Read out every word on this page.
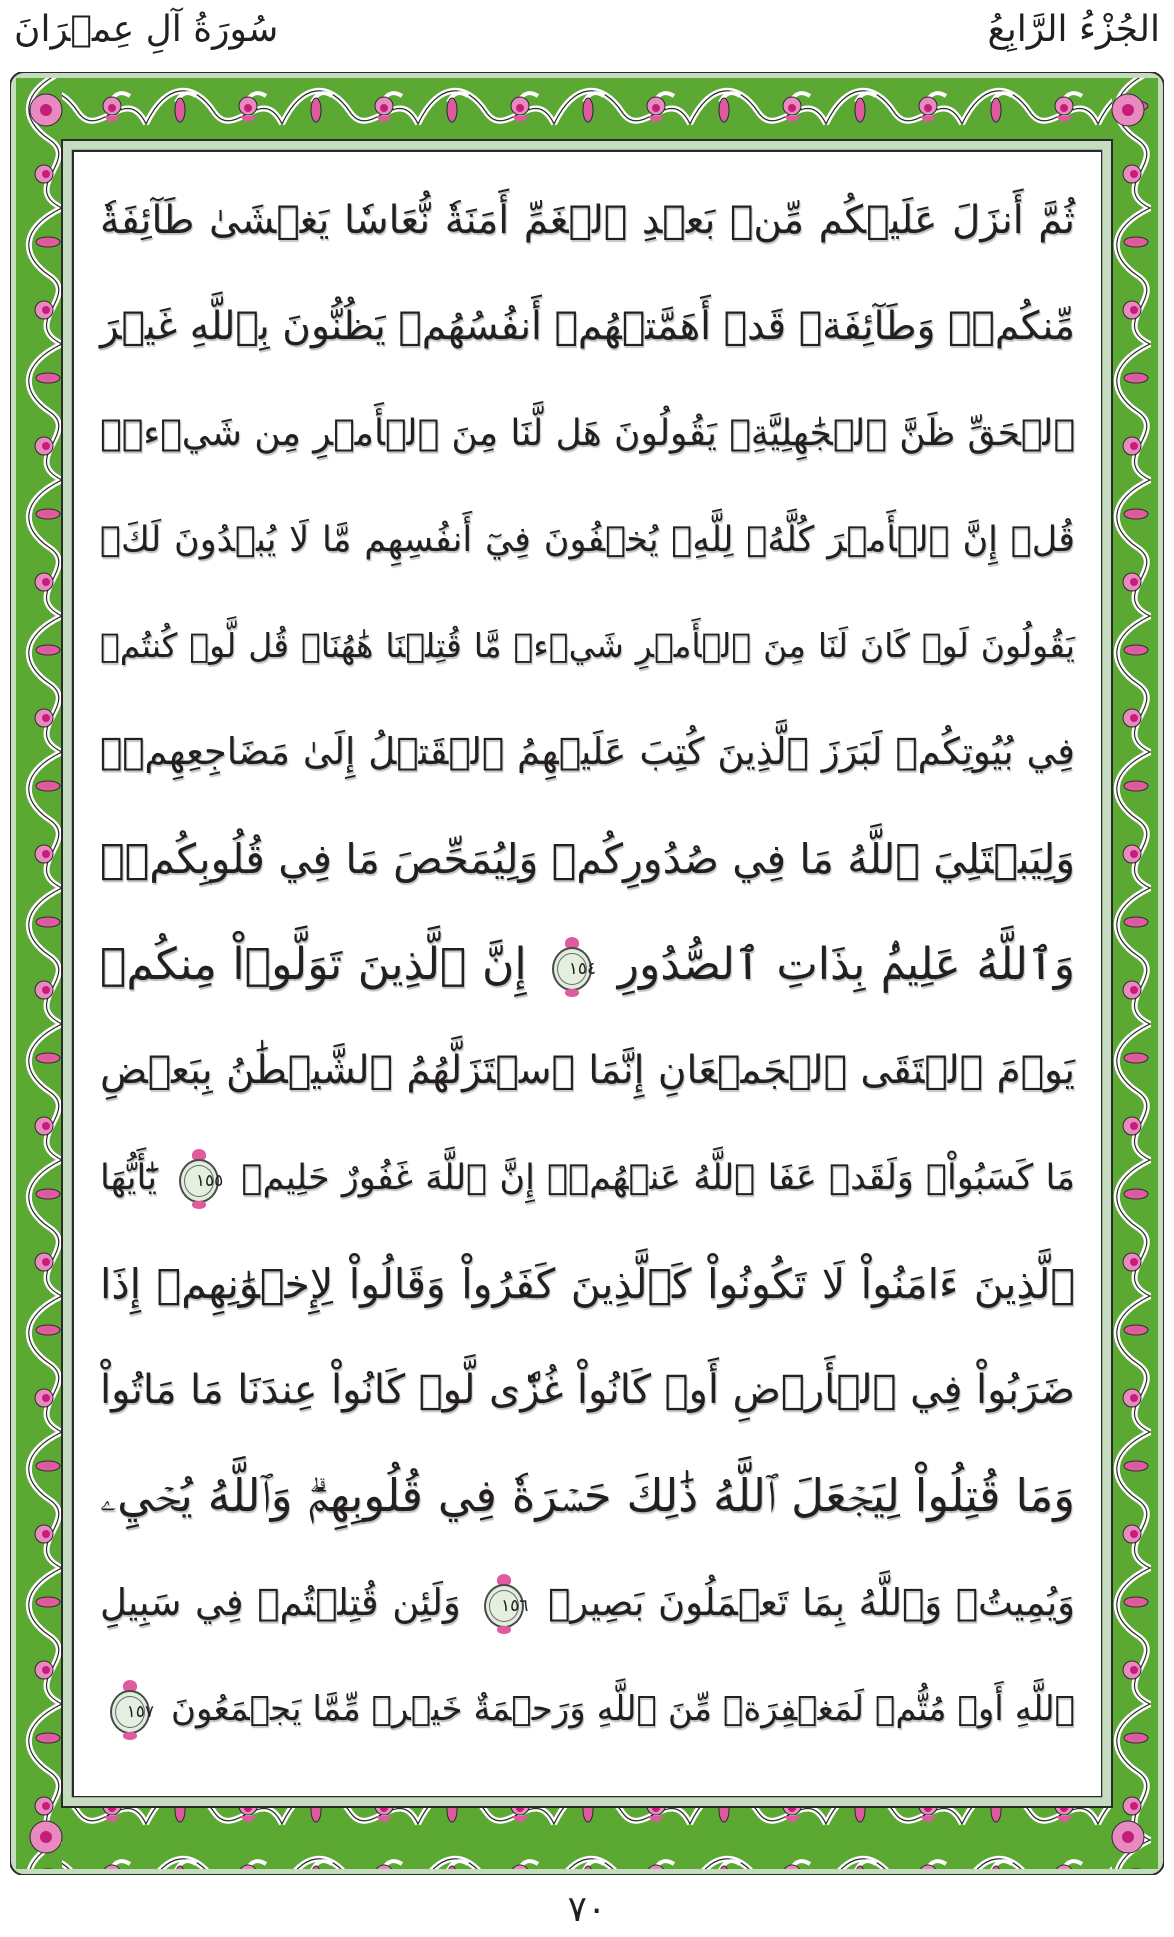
الجُزْءُ الرَّابِعُ
سُورَةُ آلِ عِمۡرَانَ
ثُمَّ أَنزَلَ عَلَيۡكُم مِّنۢ بَعۡدِ ٱلۡغَمِّ أَمَنَةٗ نُّعَاسٗا يَغۡشَىٰ طَآئِفَةٗ
مِّنكُمۡۖ وَطَآئِفَةٞ قَدۡ أَهَمَّتۡهُمۡ أَنفُسُهُمۡ يَظُنُّونَ بِٱللَّهِ غَيۡرَ
ٱلۡحَقِّ ظَنَّ ٱلۡجَٰهِلِيَّةِۖ يَقُولُونَ هَل لَّنَا مِنَ ٱلۡأَمۡرِ مِن شَيۡءٖۗ
قُلۡ إِنَّ ٱلۡأَمۡرَ كُلَّهُۥ لِلَّهِۗ يُخۡفُونَ فِيٓ أَنفُسِهِم مَّا لَا يُبۡدُونَ لَكَۖ
يَقُولُونَ لَوۡ كَانَ لَنَا مِنَ ٱلۡأَمۡرِ شَيۡءٞ مَّا قُتِلۡنَا هَٰهُنَاۗ قُل لَّوۡ كُنتُمۡ
فِي بُيُوتِكُمۡ لَبَرَزَ ٱلَّذِينَ كُتِبَ عَلَيۡهِمُ ٱلۡقَتۡلُ إِلَىٰ مَضَاجِعِهِمۡۖ
وَلِيَبۡتَلِيَ ٱللَّهُ مَا فِي صُدُورِكُمۡ وَلِيُمَحِّصَ مَا فِي قُلُوبِكُمۡۚ
وَٱللَّهُ عَلِيمُۢ بِذَاتِ ٱلصُّدُورِ
١٥٤
إِنَّ ٱلَّذِينَ تَوَلَّوۡاْ مِنكُمۡ
يَوۡمَ ٱلۡتَقَى ٱلۡجَمۡعَانِ إِنَّمَا ٱسۡتَزَلَّهُمُ ٱلشَّيۡطَٰنُ بِبَعۡضِ
مَا كَسَبُواْۖ وَلَقَدۡ عَفَا ٱللَّهُ عَنۡهُمۡۗ إِنَّ ٱللَّهَ غَفُورٌ حَلِيمٞ
١٥٥
يَٰٓأَيُّهَا
ٱلَّذِينَ ءَامَنُواْ لَا تَكُونُواْ كَٱلَّذِينَ كَفَرُواْ وَقَالُواْ لِإِخۡوَٰنِهِمۡ إِذَا
ضَرَبُواْ فِي ٱلۡأَرۡضِ أَوۡ كَانُواْ غُزّٗى لَّوۡ كَانُواْ عِندَنَا مَا مَاتُواْ
وَمَا قُتِلُواْ لِيَجۡعَلَ ٱللَّهُ ذَٰلِكَ حَسۡرَةٗ فِي قُلُوبِهِمۡۗ وَٱللَّهُ يُحۡيِۦ
وَيُمِيتُۗ وَٱللَّهُ بِمَا تَعۡمَلُونَ بَصِيرٞ
١٥٦
وَلَئِن قُتِلۡتُمۡ فِي سَبِيلِ
ٱللَّهِ أَوۡ مُتُّمۡ لَمَغۡفِرَةٞ مِّنَ ٱللَّهِ وَرَحۡمَةٌ خَيۡرٞ مِّمَّا يَجۡمَعُونَ
١٥٧
٧٠
